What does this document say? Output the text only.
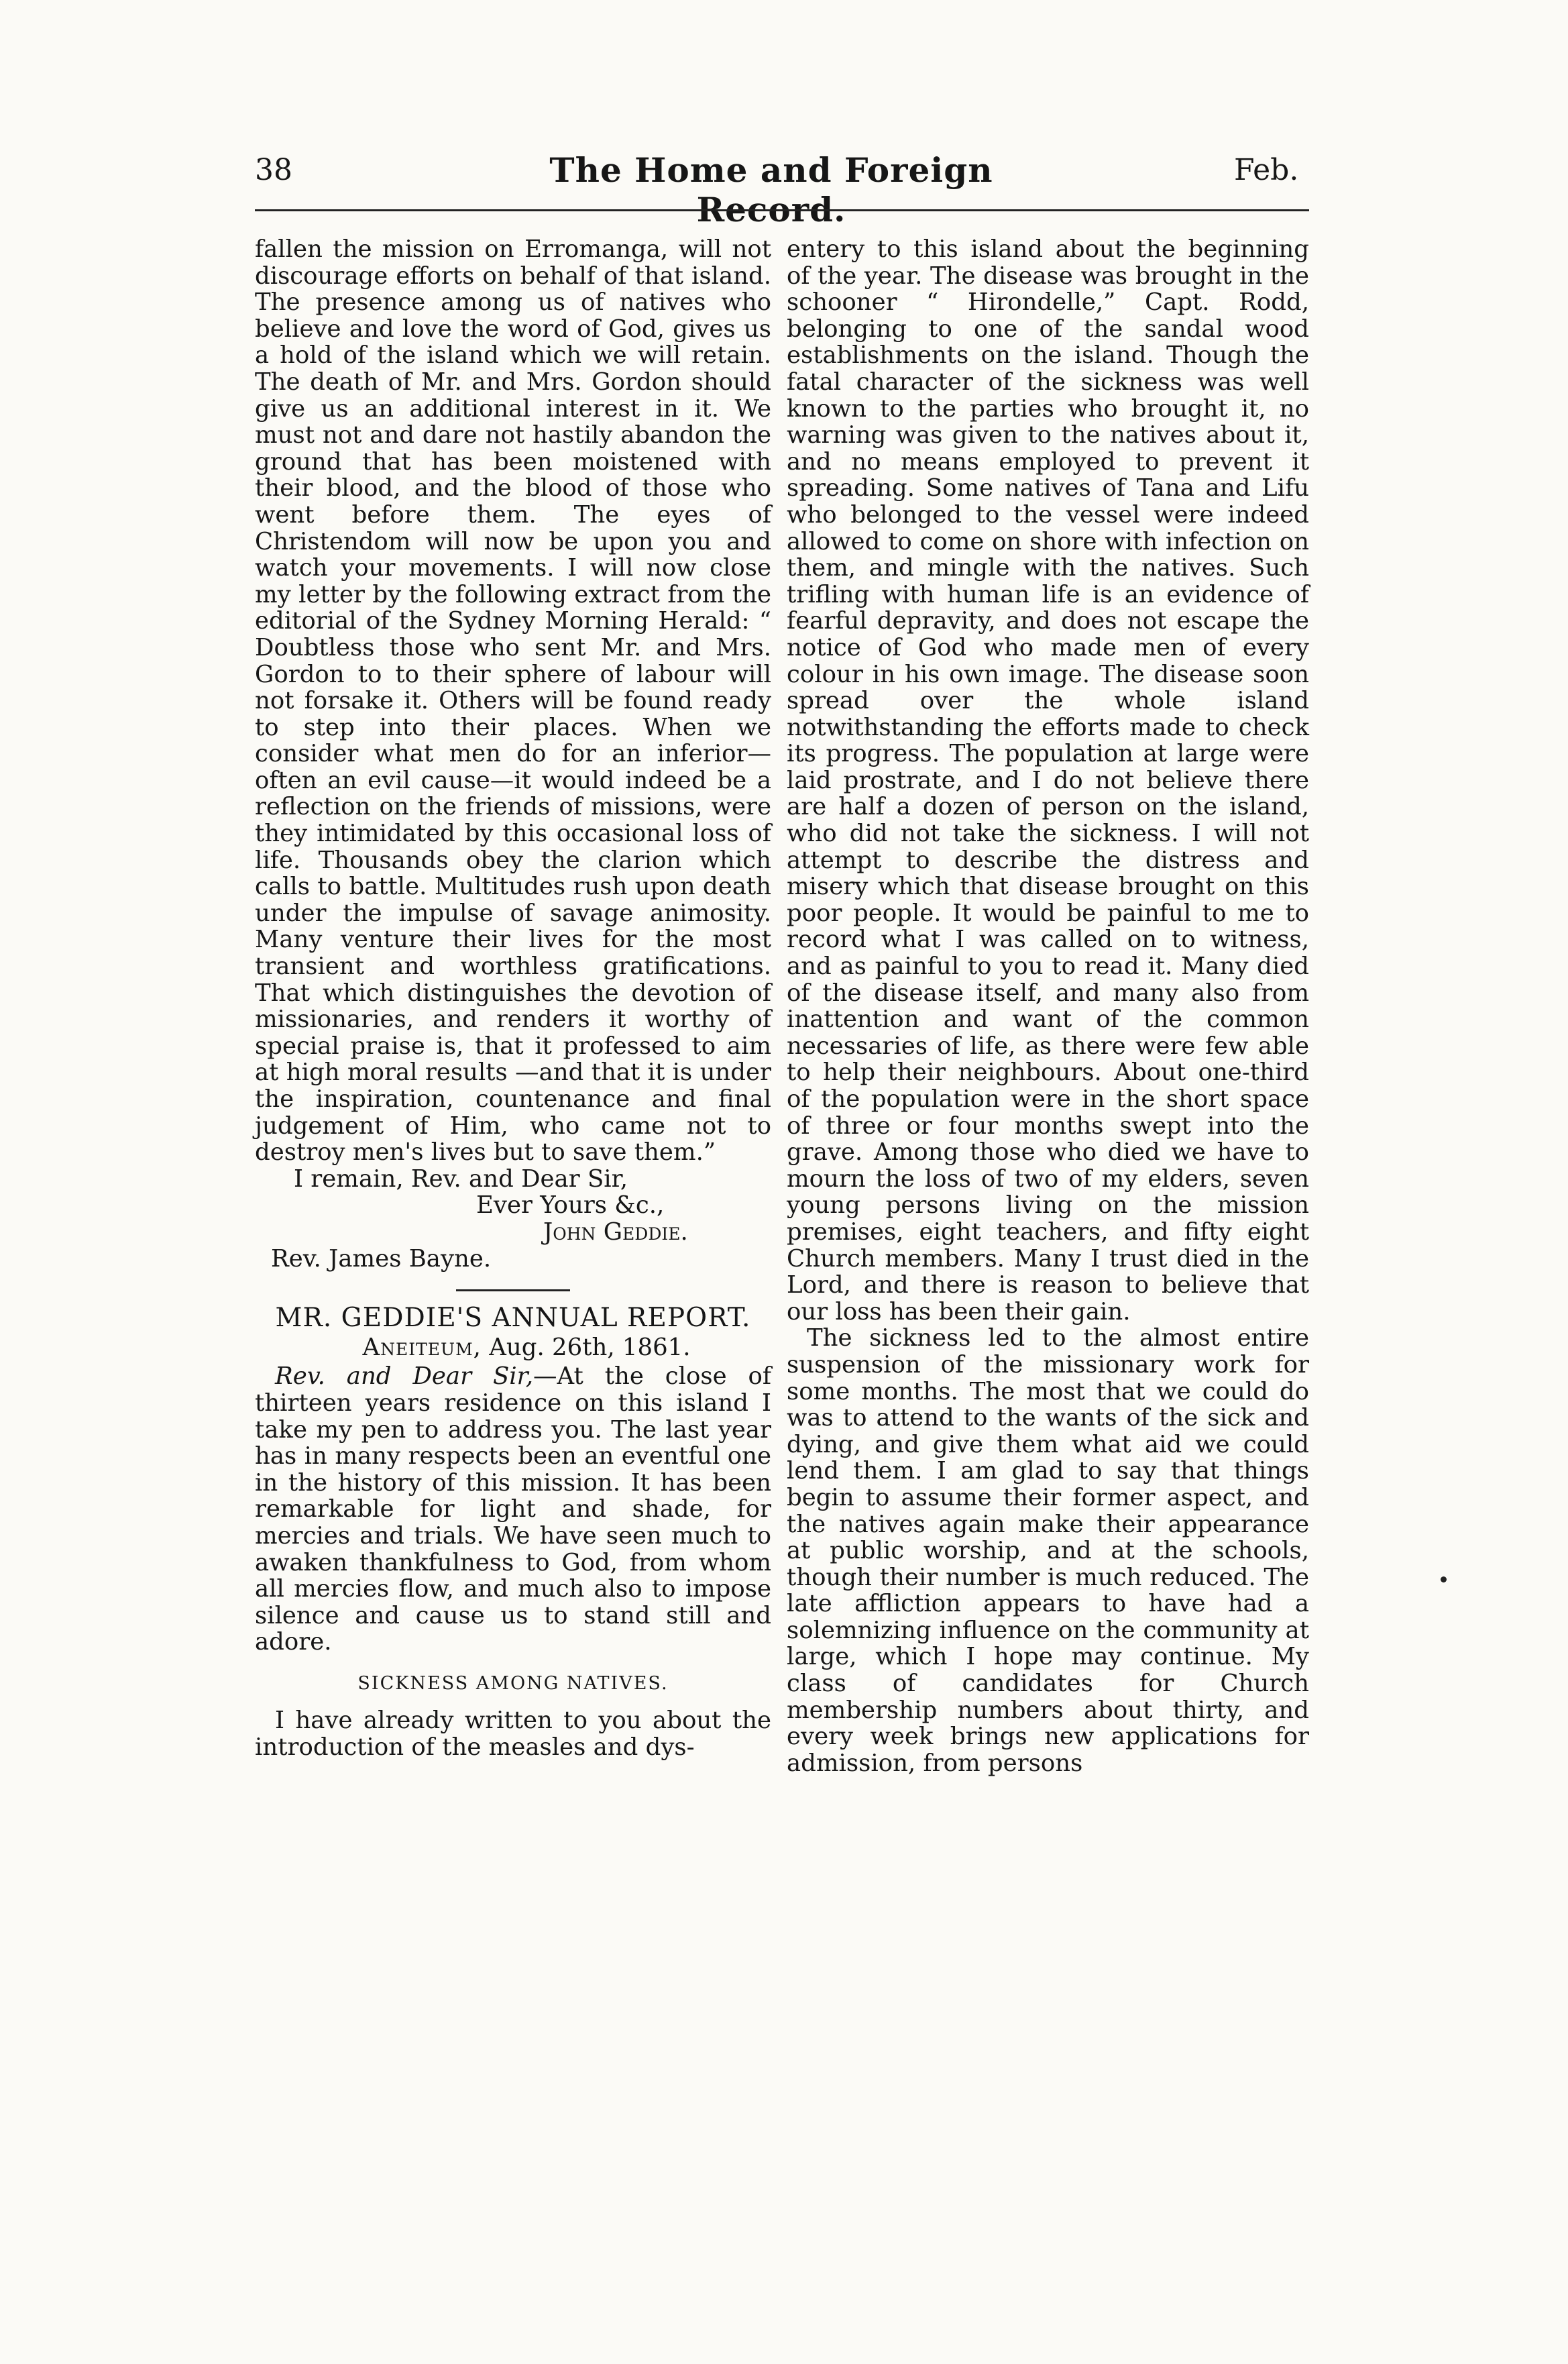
38	The Home and Foreign Record.
Feb.

fallen the mission on Erromanga, will not discourage efforts on behalf of that island. The presence among us of natives who believe and love the word of God, gives us a hold of the island which we will retain. The death of Mr. and Mrs. Gordon should give us an additional interest in it. We must not and dare not hastily abandon the ground that has been moistened with their blood, and the blood of those who went before them. The eyes of Christendom will now be upon you and watch your movements. I will now close my letter by the following extract from the editorial of the Sydney Morning Herald: “ Doubtless those who sent Mr. and Mrs. Gordon to to their sphere of labour will not forsake it. Others will be found ready to step into their places. When we consider what men do for an inferior—often an evil cause—it would indeed be a reflection on the friends of missions, were they intimidated by this occasional loss of life. Thousands obey the clarion which calls to battle. Multitudes rush upon death under the impulse of savage animosity. Many venture their lives for the most transient and worthless gratifications. That which distinguishes the devotion of missionaries, and renders it worthy of special praise is, that it professed to aim at high moral results —and that it is under the inspiration, countenance and final judgement of Him, who came not to destroy men's lives but to save them.”

I remain, Rev. and Dear Sir,
Ever Yours &c.,
John Geddie.
Rev. James Bayne.
MR. GEDDIE'S ANNUAL REPORT.
Aneiteum, Aug. 26th, 1861.

Rev. and Dear Sir,—At the close of thirteen years residence on this island I take my pen to address you. The last year has in many respects been an eventful one in the history of this mission. It has been remarkable for light and shade, for mercies and trials. We have seen much to awaken thankfulness to God, from whom all mercies flow, and much also to impose silence and cause us to stand still and adore.

SICKNESS AMONG NATIVES.

I have already written to you about the introduction of the measles and dys-

entery to this island about the beginning of the year. The disease was brought in the schooner “ Hirondelle,” Capt. Rodd, belonging to one of the sandal wood establishments on the island. Though the fatal character of the sickness was well known to the parties who brought it, no warning was given to the natives about it, and no means employed to prevent it spreading. Some natives of Tana and Lifu who belonged to the vessel were indeed allowed to come on shore with infection on them, and mingle with the natives. Such trifling with human life is an evidence of fearful depravity, and does not escape the notice of God who made men of every colour in his own image. The disease soon spread over the whole island notwithstanding the efforts made to check its progress. The population at large were laid prostrate, and I do not believe there are half a dozen of person on the island, who did not take the sickness. I will not attempt to describe the distress and misery which that disease brought on this poor people. It would be painful to me to record what I was called on to witness, and as painful to you to read it. Many died of the disease itself, and many also from inattention and want of the common necessaries of life, as there were few able to help their neighbours. About one-third of the population were in the short space of three or four months swept into the grave. Among those who died we have to mourn the loss of two of my elders, seven young persons living on the mission premises, eight teachers, and fifty eight Church members. Many I trust died in the Lord, and there is reason to believe that our loss has been their gain.

The sickness led to the almost entire suspension of the missionary work for some months. The most that we could do was to attend to the wants of the sick and dying, and give them what aid we could lend them. I am glad to say that things begin to assume their former aspect, and the natives again make their appearance at public worship, and at the schools, though their number is much reduced. The late affliction appears to have had a solemnizing influence on the community at large, which I hope may continue. My class of candidates for Church membership numbers about thirty, and every week brings new applications for admission, from persons
